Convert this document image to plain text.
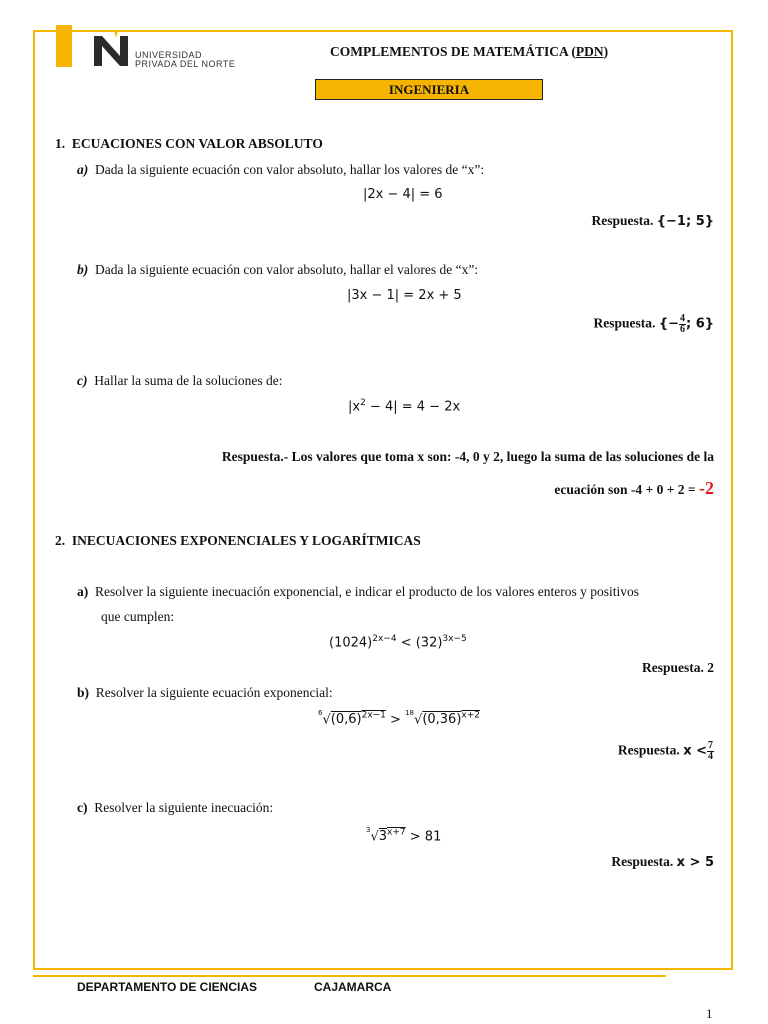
UNIVERSIDAD
PRIVADA DEL NORTE
COMPLEMENTOS DE MATEMÁTICA (PDN)
INGENIERIA
1. ECUACIONES CON VALOR ABSOLUTO
a) Dada la siguiente ecuación con valor absoluto, hallar los valores de “x”:
|2x − 4| = 6
Respuesta. {−1; 5}
b) Dada la siguiente ecuación con valor absoluto, hallar el valores de “x”:
|3x − 1| = 2x + 5
Respuesta. {− $\frac{4}{6}$ ; 6}
c) Hallar la suma de la soluciones de:
$|x^2 - 4| = 4 - 2x$
Respuesta.- Los valores que toma x son: -4, 0 y 2, luego la suma de las soluciones de la
ecuación son -4 + 0 + 2 = -2
2. INECUACIONES EXPONENCIALES Y LOGARÍTMICAS
a) Resolver la siguiente inecuación exponencial, e indicar el producto de los valores enteros y positivos
que cumplen:
$(1024)^{2x-4} < (32)^{3x-5}$
Respuesta. 2
b) Resolver la siguiente ecuación exponencial:
$^6√(0,6)^{2x-1} > ^{18}√(0,36)^{x+2}$
Respuesta. $x < \frac{7}{4}$
c) Resolver la siguiente inecuación:
$^3√3^{x+7} > 81$
Respuesta. x > 5
DEPARTAMENTO DE CIENCIAS	CAJAMARCA
1
